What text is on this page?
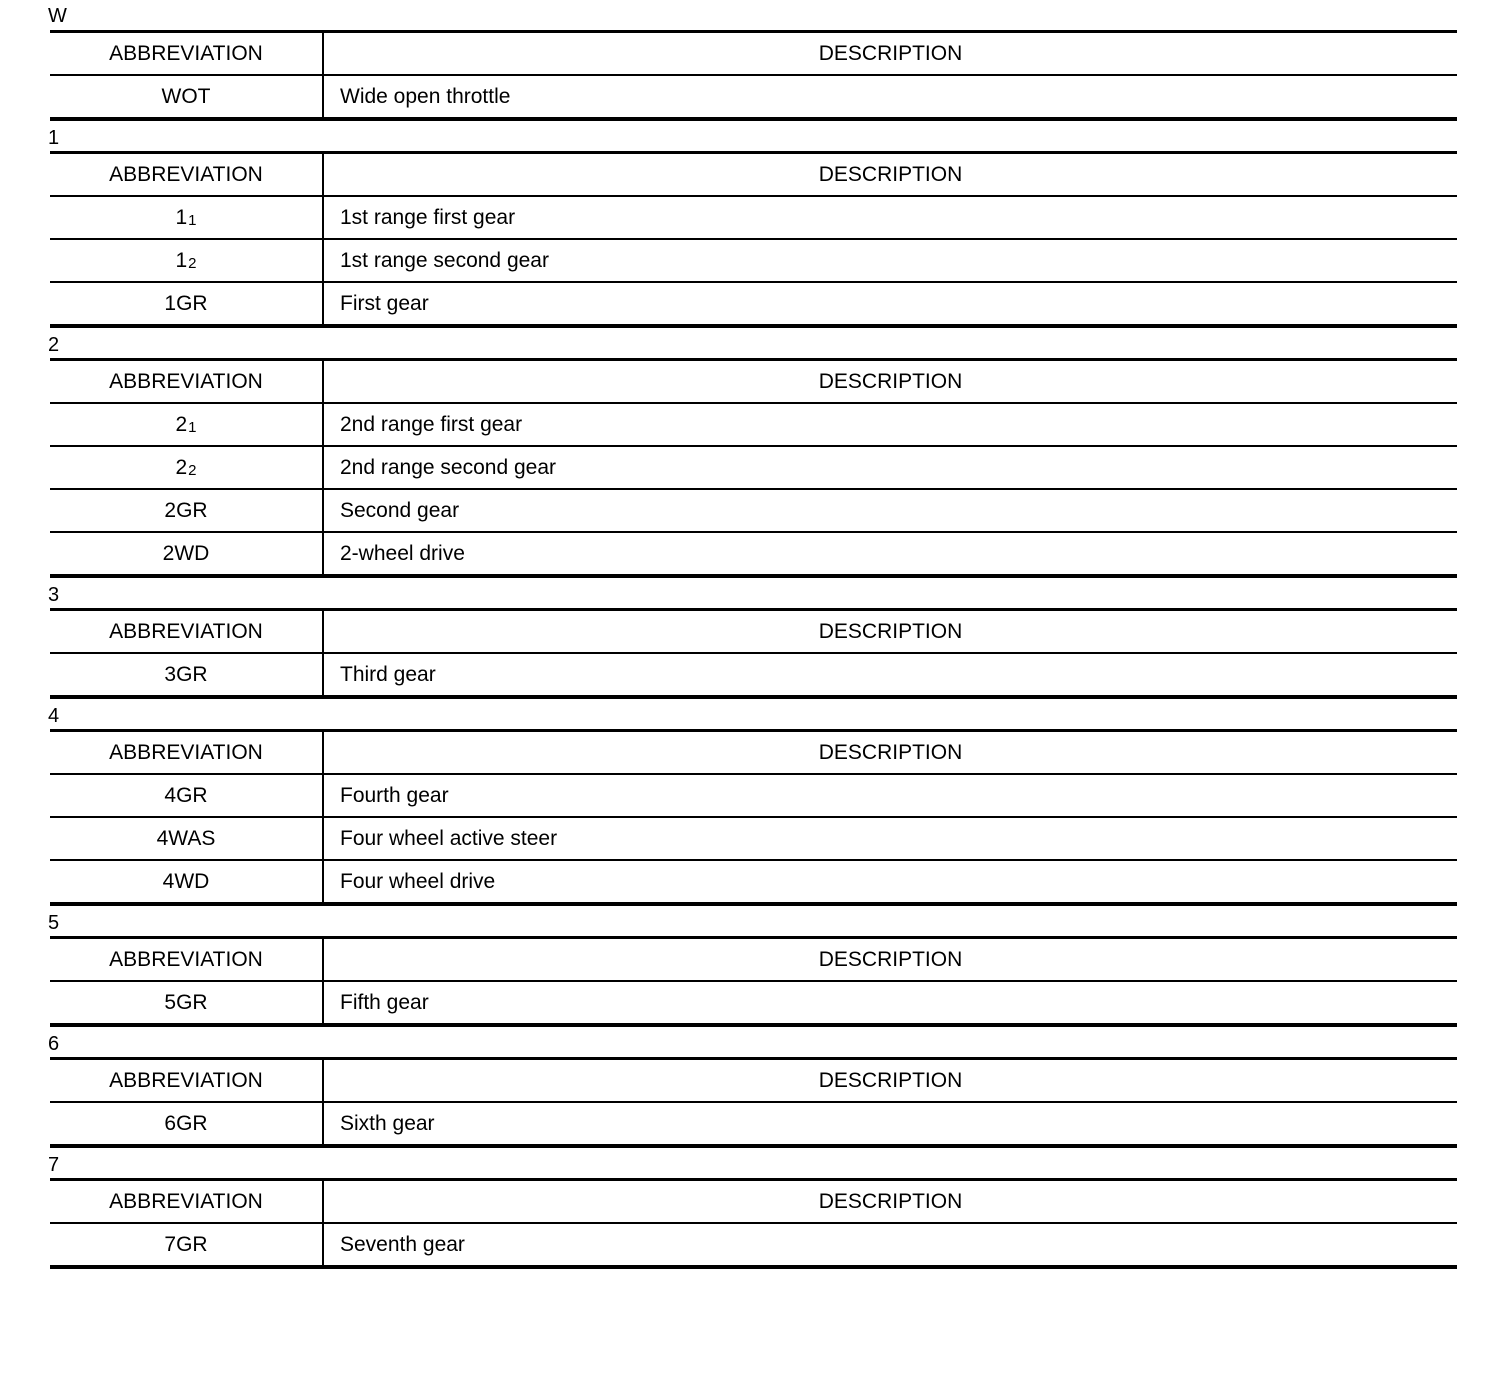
W
ABBREVIATION	DESCRIPTION
WOT	Wide open throttle
1
ABBREVIATION	DESCRIPTION
11	1st range first gear
12	1st range second gear
1GR	First gear
2
ABBREVIATION	DESCRIPTION
21	2nd range first gear
22	2nd range second gear
2GR	Second gear
2WD	2-wheel drive
3
ABBREVIATION	DESCRIPTION
3GR	Third gear
4
ABBREVIATION	DESCRIPTION
4GR	Fourth gear
4WAS	Four wheel active steer
4WD	Four wheel drive
5
ABBREVIATION	DESCRIPTION
5GR	Fifth gear
6
ABBREVIATION	DESCRIPTION
6GR	Sixth gear
7
ABBREVIATION	DESCRIPTION
7GR	Seventh gear
